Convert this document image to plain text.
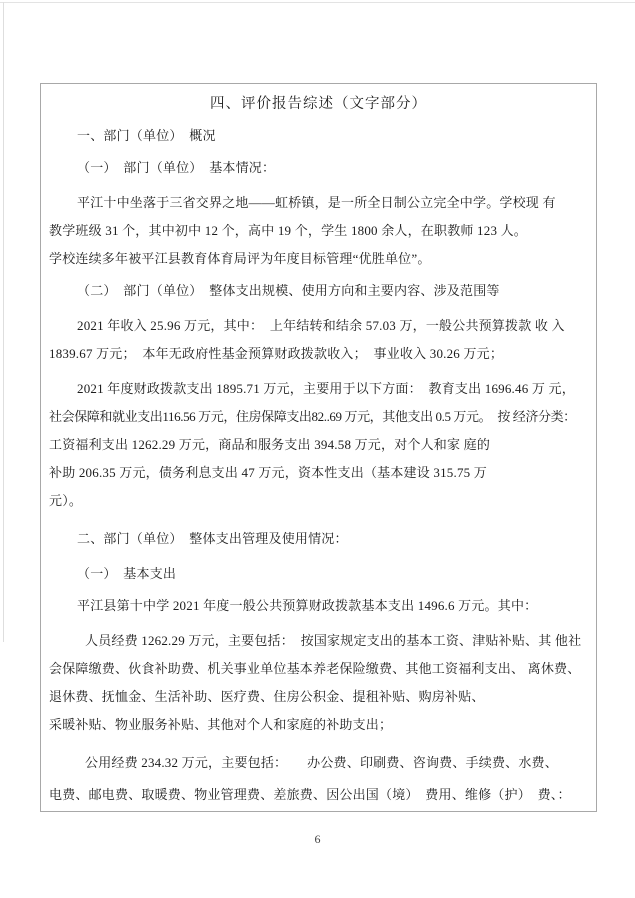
四、评价报告综述（文字部分）
一、部门（单位）　概况
（一）　部门（单位）　基本情况：
平江十中坐落于三省交界之地——虹桥镇，是一所全日制公立完全中学。学校现 有
教学班级 31 个，其中初中 12 个，高中 19 个，学生 1800 余人，在职教师 123 人。
学校连续多年被平江县教育体育局评为年度目标管理“优胜单位”。
（二）　部门（单位）　整体支出规模、使用方向和主要内容、涉及范围等
2021 年收入 25.96 万元，其中：　上年结转和结余 57.03 万，一般公共预算拨款 收 入
1839.67 万元；　本年无政府性基金预算财政拨款收入；　事业收入 30.26 万元；
2021 年度财政拨款支出 1895.71 万元，主要用于以下方面：　教育支出 1696.46 万 元，
社会保障和就业支出116.56 万元，住房保障支出82..69 万元，其他支出 0.5 万元。　按 经济分类：
工资福利支出 1262.29 万元，商品和服务支出 394.58 万元，对个人和家 庭的
补助 206.35 万元，债务利息支出 47 万元，资本性支出（基本建设 315.75 万
元）。
二、部门（单位）　整体支出管理及使用情况：
（一）　基本支出
平江县第十中学 2021 年度一般公共预算财政拨款基本支出 1496.6 万元。其中：
人员经费 1262.29 万元，主要包括：　按国家规定支出的基本工资、津贴补贴、其 他社
会保障缴费、伙食补助费、机关事业单位基本养老保险缴费、其他工资福利支出、 离休费、
退休费、抚恤金、生活补助、医疗费、住房公积金、提租补贴、购房补贴、
采暖补贴、物业服务补贴、其他对个人和家庭的补助支出；
公用经费 234.32 万元，主要包括：　　办公费、印刷费、咨询费、手续费、水费、
电费、邮电费、取暖费、物业管理费、差旅费、因公出国（境）　费用、维修（护）　费、：
6
